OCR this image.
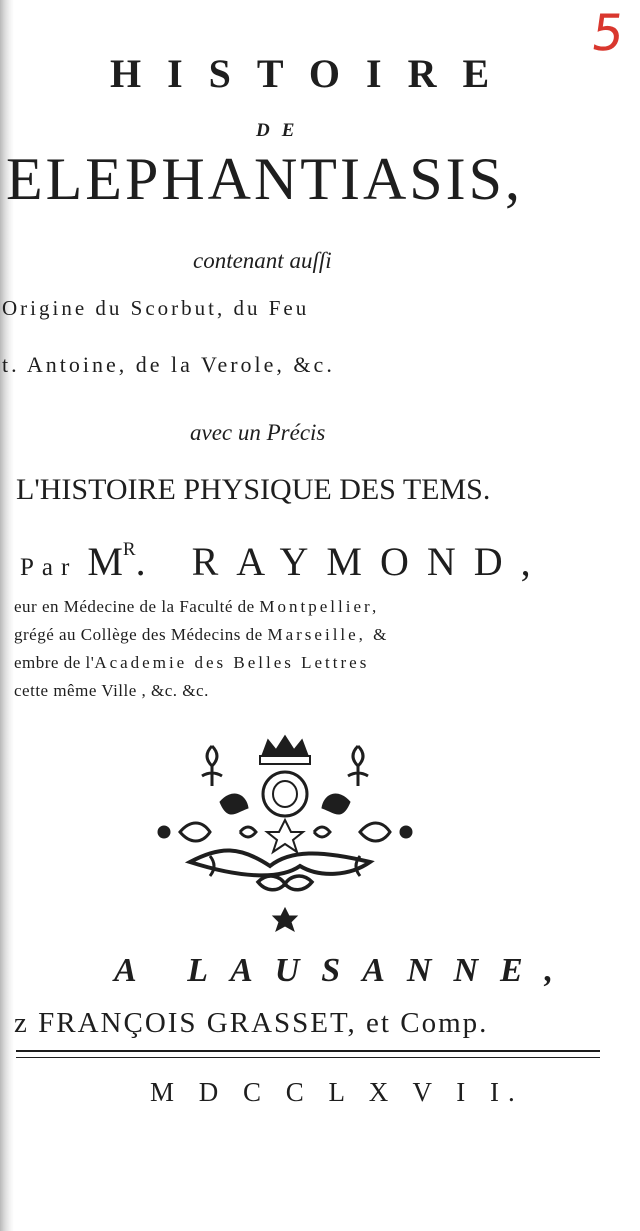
5
HISTOIRE
DE
ELEPHANTIASIS,
contenant auſſi
Origine du Scorbut, du Feu
t. Antoine, de la Verole, &c.
avec un Précis
L'HISTOIRE PHYSIQUE DES TEMS.
Par $M^R$. RAYMOND,
eur en Médecine de la Faculté de Montpellier,
grégé au Collège des Médecins de Marseille, &
embre de l'Academie des Belles Lettres
cette même Ville , &c. &c.
A LAUSANNE,
z FRANÇOIS GRASSET, et Comp.
M D C C L X V I I.
